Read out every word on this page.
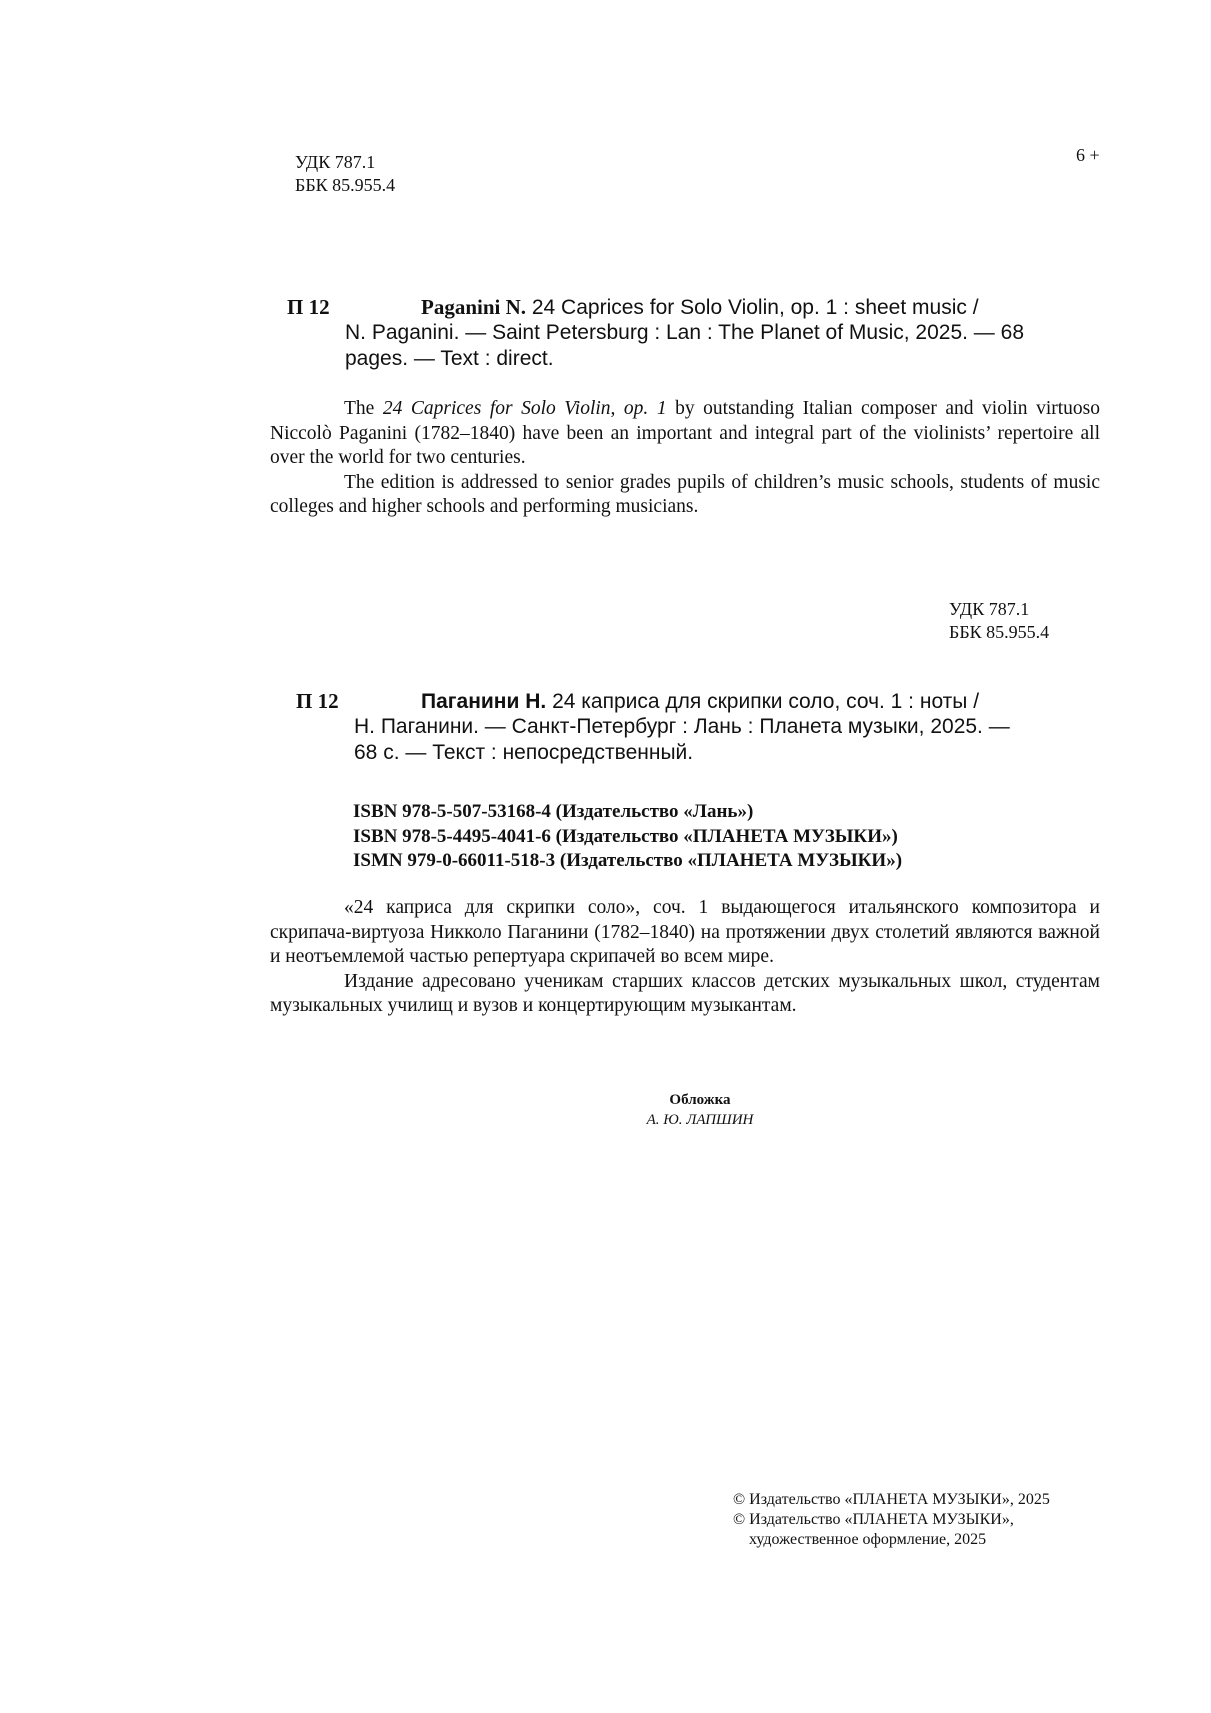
УДК 787.1
ББК 85.955.4
6 +
П 12	Paganini N. 24 Caprices for Solo Violin, op. 1 : sheet music /
N. Paganini. — Saint Petersburg : Lan : The Planet of Music, 2025. — 68
pages. — Text : direct.

The 24 Caprices for Solo Violin, op. 1 by outstanding Italian composer and violin virtuoso Niccolò Paganini (1782–1840) have been an important and integral part of the violinists’ repertoire all over the world for two centuries.

The edition is addressed to senior grades pupils of children’s music schools, students of music colleges and higher schools and performing musicians.

УДК 787.1
ББК 85.955.4
П 12	Паганини Н. 24 каприса для скрипки соло, соч. 1 : ноты /
Н. Паганини. — Санкт-Петербург : Лань : Планета музыки, 2025. —
68 с. — Текст : непосредственный.
ISBN 978-5-507-53168-4 (Издательство «Лань»)
ISBN 978-5-4495-4041-6 (Издательство «ПЛАНЕТА МУЗЫКИ»)
ISMN 979-0-66011-518-3 (Издательство «ПЛАНЕТА МУЗЫКИ»)

«24 каприса для скрипки соло», соч. 1 выдающегося итальянского композитора и скрипача-виртуоза Никколо Паганини (1782–1840) на протяжении двух столетий являются важной и неотъемлемой частью репертуара скрипачей во всем мире.

Издание адресовано ученикам старших классов детских музыкальных школ, студентам музыкальных училищ и вузов и концертирующим музыкантам.

Обложка
А. Ю. ЛАПШИН
© Издательство «ПЛАНЕТА МУЗЫКИ», 2025
© Издательство «ПЛАНЕТА МУЗЫКИ»,
художественное оформление, 2025
